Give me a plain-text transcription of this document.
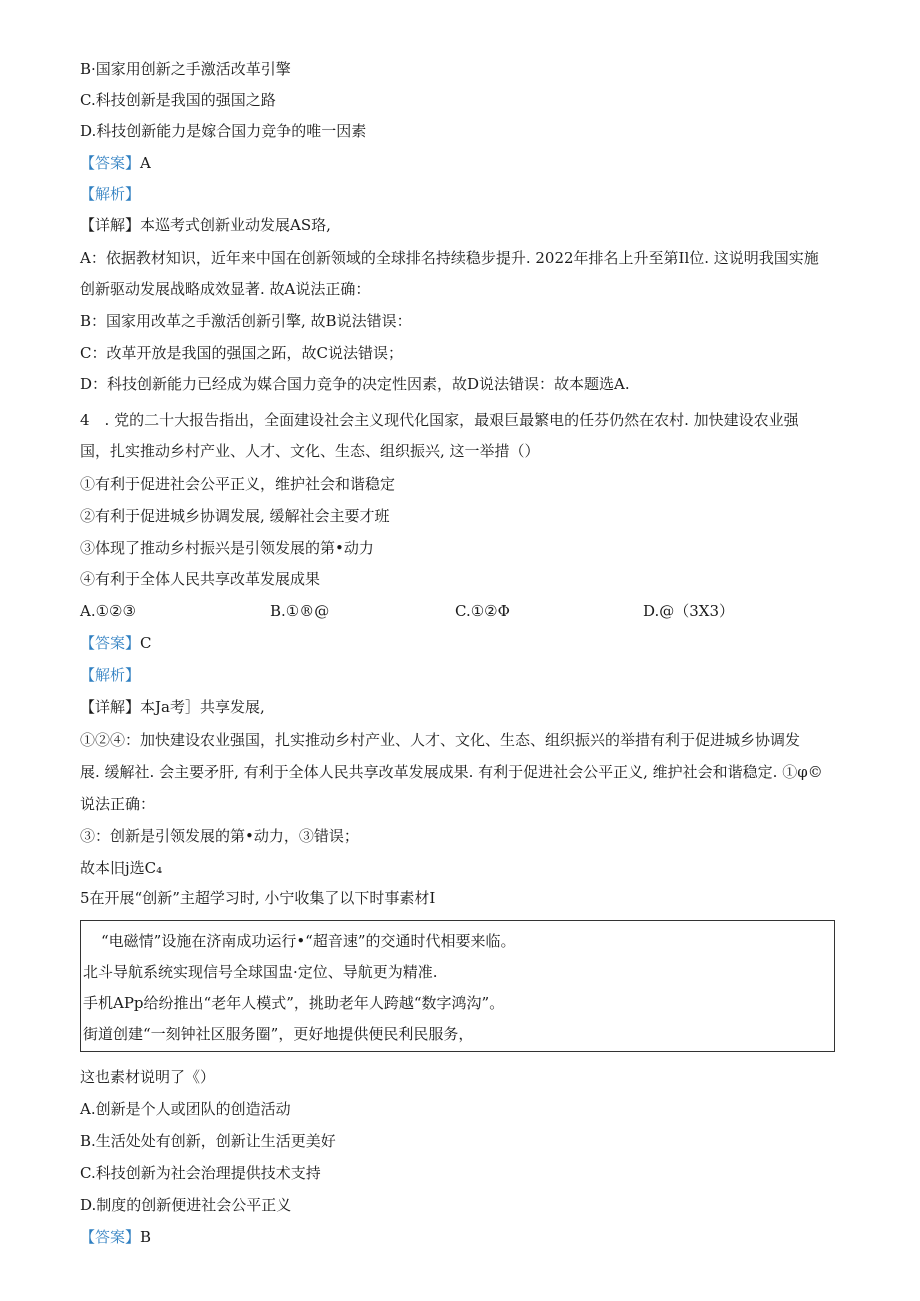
B·国家用创新之手激活改革引擎
C.科技创新是我国的强国之路
D.科技创新能力是嫁合国力竞争的唯一因素
【答案】A
【解析】
【详解】本巡考式创新业动发展AS珞,
A：依据教材知识，近年来中国在创新领域的全球排名持续稳步提升. 2022年排名上升至第Il位. 这说明我国实施
创新驱动发展战略成效显著. 故A说法正确：
B：国家用改革之手激活创新引擎, 故B说法错误：
C：改革开放是我国的强国之跖，故C说法错误；
D：科技创新能力已经成为媒合国力竞争的决定性因素，故D说法错误：故本题选A.
4　. 党的二十大报告指出，全面建设社会主义现代化国家，最艰巨最繁电的任芬仍然在农村. 加快建设农业强
国，扎实推动乡村产业、人才、文化、生态、组织振兴, 这一举措（）
①有利于促进社会公平正义，维护社会和谐稳定
②有利于促进城乡协调发展, 缓解社会主要才班
③体现了推动乡村振兴是引领发展的第•动力
④有利于全体人民共享改革发展成果
A.①②③	B.①®@	C.①②Φ	D.@（3X3）
【答案】C
【解析】
【详解】本Ja考］共享发展,
①②④：加快建设农业强国，扎实推动乡村产业、人才、文化、生态、组织振兴的举措有利于促进城乡协调发
展. 缓解社. 会主要矛肝, 有利于全体人民共享改革发展成果. 有利于促进社会公平正义, 维护社会和谐稳定. ①φ©
说法正确：
③：创新是引领发展的第•动力，③错误；
故本旧j选C₄
5在开展“创新”主超学习时, 小宁收集了以下时事素材I
“电磁情”设施在济南成功运行•“超音速”的交通时代相要来临。
北斗导航系统实现信号全球国盅·定位、导航更为精准.
手机APp给纷推出“老年人模式”，挑助老年人跨越“数字鸿沟”。
街道创建“一刻钟社区服务圈”，更好地提供便民利民服务，
这也素材说明了《）
A.创新是个人或团队的创造活动
B.生活处处有创新，创新让生活更美好
C.科技创新为社会治理提供技术支持
D.制度的创新便进社会公平正义
【答案】B
